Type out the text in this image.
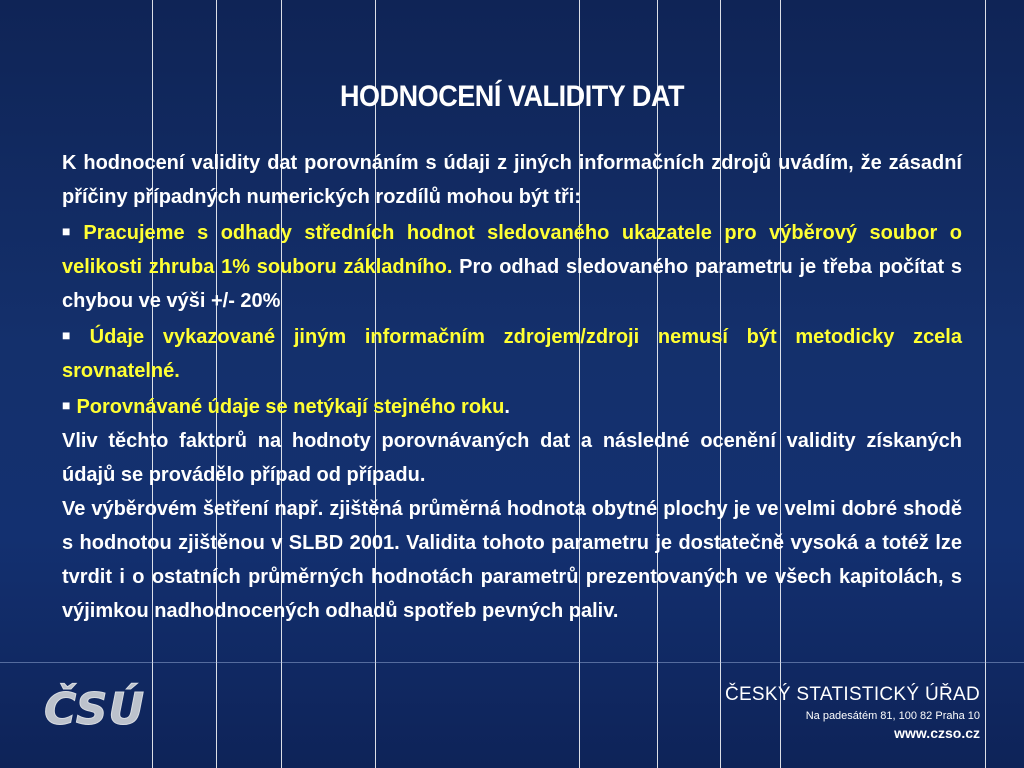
HODNOCENÍ VALIDITY DAT

K hodnocení validity dat porovnáním s údaji z jiných informačních zdrojů uvádím, že zásadní příčiny případných numerických rozdílů mohou být tři:

■ Pracujeme s odhady středních hodnot sledovaného ukazatele pro výběrový soubor o velikosti zhruba 1% souboru základního. Pro odhad sledovaného parametru je třeba počítat s chybou ve výši +/- 20%

■ Údaje vykazované jiným informačním zdrojem/zdroji nemusí být metodicky zcela srovnatelné.

■ Porovnávané údaje se netýkají stejného roku.

Vliv těchto faktorů na hodnoty porovnávaných dat a následné ocenění validity získaných údajů se provádělo případ od případu.

Ve výběrovém šetření např. zjištěná průměrná hodnota obytné plochy je ve velmi dobré shodě s hodnotou zjištěnou v SLBD 2001. Validita tohoto parametru je dostatečně vysoká a totéž lze tvrdit i o ostatních průměrných hodnotách parametrů prezentovaných ve všech kapitolách, s výjimkou nadhodnocených odhadů spotřeb pevných paliv.

ČSÚ	ČESKÝ STATISTICKÝ ÚŘAD
Na padesátém 81, 100 82 Praha 10
www.czso.cz
